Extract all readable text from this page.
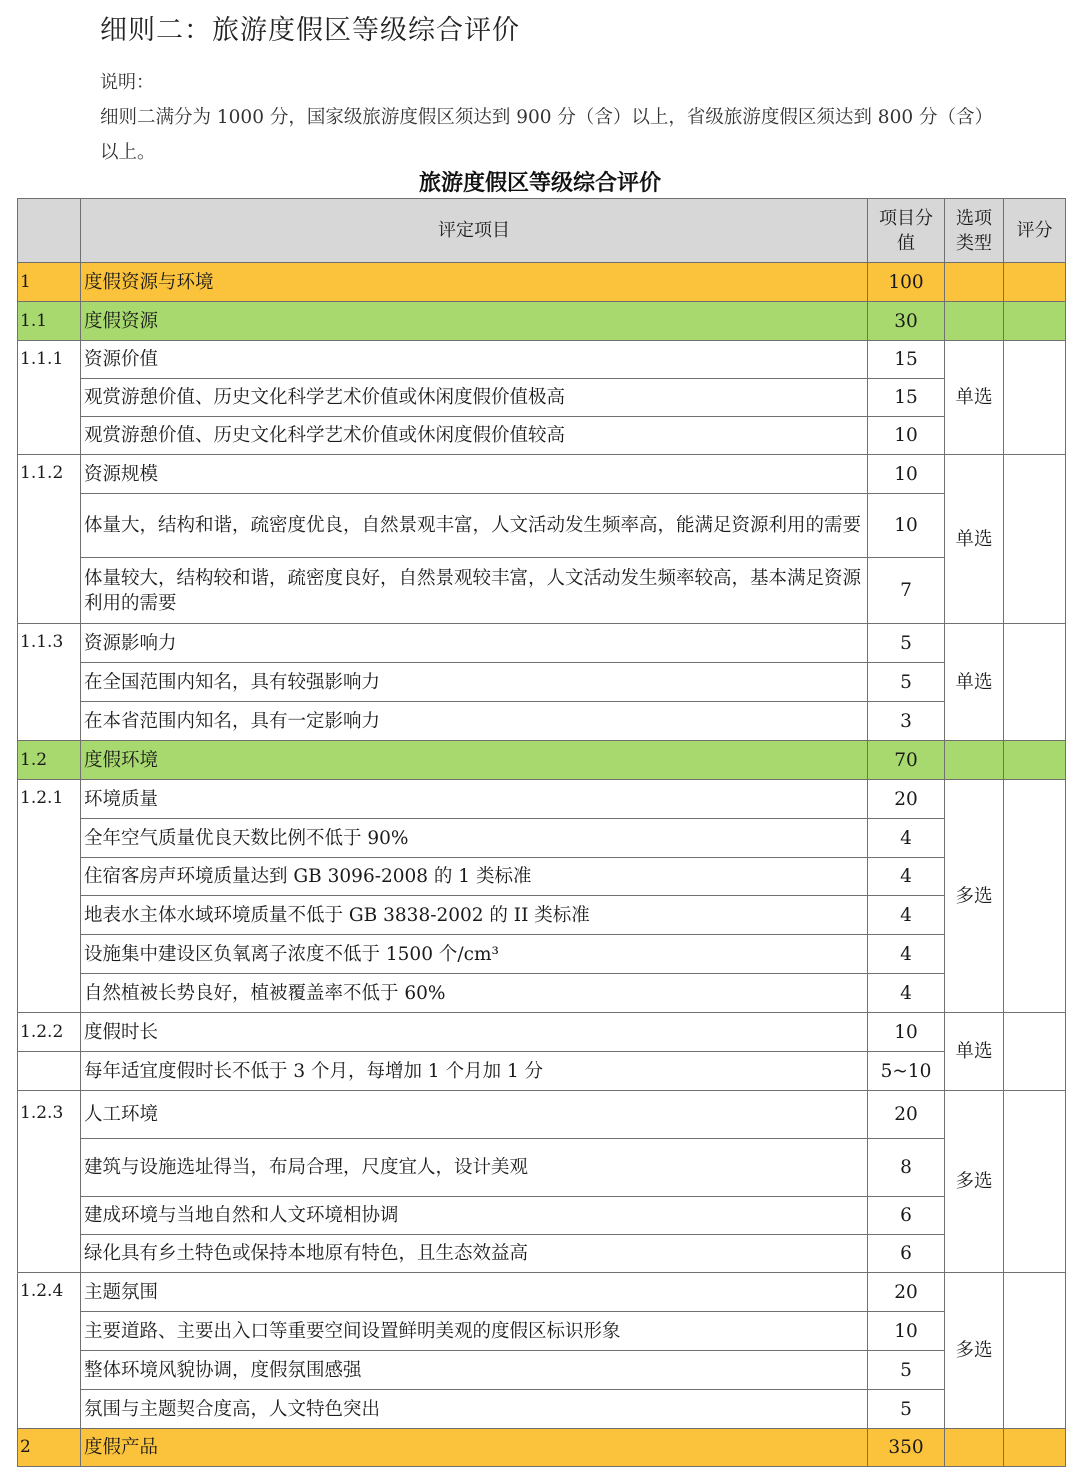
细则二：旅游度假区等级综合评价
说明：
细则二满分为 1000 分，国家级旅游度假区须达到 900 分（含）以上，省级旅游度假区须达到 800 分（含）以上。
旅游度假区等级综合评价
	评定项目	项目分值	选项类型	评分
1	度假资源与环境	100		
1.1	度假资源	30		
1.1.1	资源价值	15	单选	
	观赏游憩价值、历史文化科学艺术价值或休闲度假价值极高	15		
	观赏游憩价值、历史文化科学艺术价值或休闲度假价值较高	10		
1.1.2	资源规模	10	单选	
	体量大，结构和谐，疏密度优良，自然景观丰富，人文活动发生频率高，能满足资源利用的需要	10		
	体量较大，结构较和谐，疏密度良好，自然景观较丰富，人文活动发生频率较高，基本满足资源利用的需要	7		
1.1.3	资源影响力	5	单选	
	在全国范围内知名，具有较强影响力	5		
	在本省范围内知名，具有一定影响力	3		
1.2	度假环境	70		
1.2.1	环境质量	20	多选	
	全年空气质量优良天数比例不低于 90%	4		
	住宿客房声环境质量达到 GB 3096-2008 的 1 类标准	4		
	地表水主体水域环境质量不低于 GB 3838-2002 的 II 类标准	4		
	设施集中建设区负氧离子浓度不低于 1500 个/cm³	4		
	自然植被长势良好，植被覆盖率不低于 60%	4		
1.2.2	度假时长	10	单选	
	每年适宜度假时长不低于 3 个月，每增加 1 个月加 1 分	5~10		
1.2.3	人工环境	20	多选	
	建筑与设施选址得当，布局合理，尺度宜人，设计美观	8		
	建成环境与当地自然和人文环境相协调	6		
	绿化具有乡土特色或保持本地原有特色，且生态效益高	6		
1.2.4	主题氛围	20	多选	
	主要道路、主要出入口等重要空间设置鲜明美观的度假区标识形象	10		
	整体环境风貌协调，度假氛围感强	5		
	氛围与主题契合度高，人文特色突出	5		
2	度假产品	350		
